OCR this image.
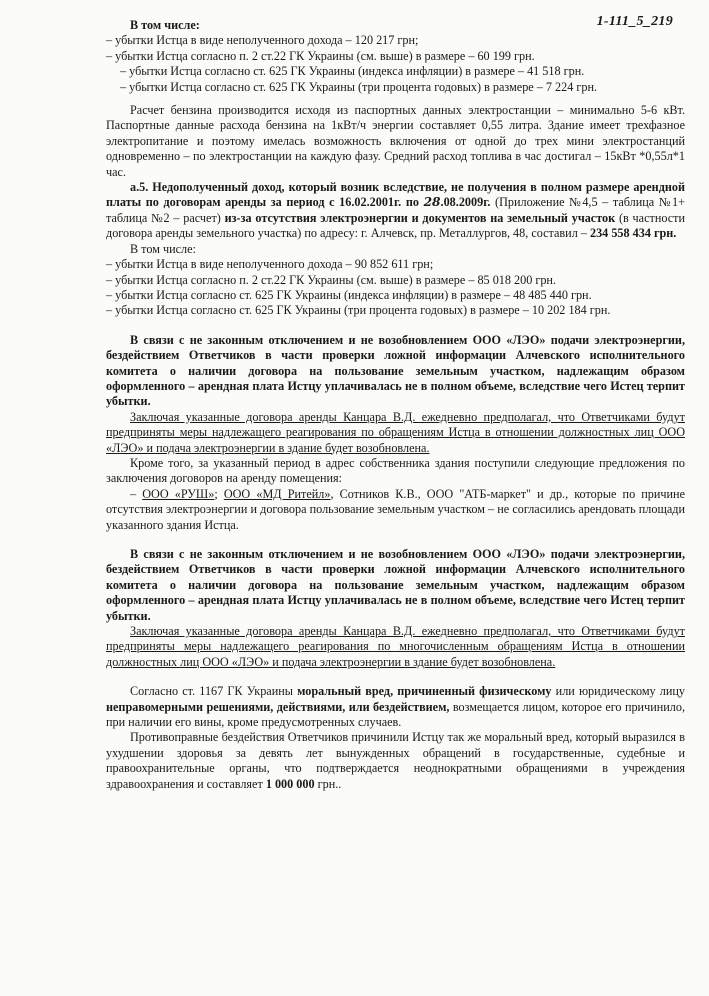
1-111_5_219

В том числе:

– убытки Истца в виде неполученного дохода – 120 217 грн;

– убытки Истца согласно п. 2 ст.22 ГК Украины (см. выше) в размере – 60 199 грн.

– убытки Истца согласно ст. 625 ГК Украины (индекса инфляции) в размере – 41 518 грн.

– убытки Истца согласно ст. 625 ГК Украины (три процента годовых) в размере – 7 224 грн.

Расчет бензина производится исходя из паспортных данных электростанции – минимально 5-6 кВт. Паспортные данные расхода бензина на 1кВт/ч энергии составляет 0,55 литра. Здание имеет трехфазное электропитание и поэтому имелась возможность включения от одной до трех мини электростанций одновременно – по электростанции на каждую фазу. Средний расход топлива в час достигал – 15кВт *0,55л*1 час.

а.5. Недополученный доход, который возник вследствие, не получения в полном размере арендной платы по договорам аренды за период с 16.02.2001г. по 28.08.2009г. (Приложение №4,5 – таблица №1+ таблица №2 – расчет) из-за отсутствия электроэнергии и документов на земельный участок (в частности договора аренды земельного участка) по адресу: г. Алчевск, пр. Металлургов, 48, составил – 234 558 434 грн.

В том числе:

– убытки Истца в виде неполученного дохода – 90 852 611 грн;

– убытки Истца согласно п. 2 ст.22 ГК Украины (см. выше) в размере – 85 018 200 грн.

– убытки Истца согласно ст. 625 ГК Украины (индекса инфляции) в размере – 48 485 440 грн.

– убытки Истца согласно ст. 625 ГК Украины (три процента годовых) в размере – 10 202 184 грн.

В связи с не законным отключением и не возобновлением ООО «ЛЭО» подачи электроэнергии, бездействием Ответчиков в части проверки ложной информации Алчевского исполнительного комитета о наличии договора на пользование земельным участком, надлежащим образом оформленного – арендная плата Истцу уплачивалась не в полном объеме, вследствие чего Истец терпит убытки.

Заключая указанные договора аренды Канцара В.Д. ежедневно предполагал, что Ответчиками будут предприняты меры надлежащего реагирования по обращениям Истца в отношении должностных лиц ООО «ЛЭО» и подача электроэнергии в здание будет возобновлена.

Кроме того, за указанный период в адрес собственника здания поступили следующие предложения по заключения договоров на аренду помещения:

– ООО «РУШ»; ООО «МД Ритейл», Сотников К.В., ООО "АТБ-маркет" и др., которые по причине отсутствия электроэнергии и договора пользование земельным участком – не согласились арендовать площади указанного здания Истца.

В связи с не законным отключением и не возобновлением ООО «ЛЭО» подачи электроэнергии, бездействием Ответчиков в части проверки ложной информации Алчевского исполнительного комитета о наличии договора на пользование земельным участком, надлежащим образом оформленного – арендная плата Истцу уплачивалась не в полном объеме, вследствие чего Истец терпит убытки.

Заключая указанные договора аренды Канцара В.Д. ежедневно предполагал, что Ответчиками будут предприняты меры надлежащего реагирования по многочисленным обращениям Истца в отношении должностных лиц ООО «ЛЭО» и подача электроэнергии в здание будет возобновлена.

Согласно ст. 1167 ГК Украины моральный вред, причиненный физическому или юридическому лицу неправомерными решениями, действиями, или бездействием, возмещается лицом, которое его причинило, при наличии его вины, кроме предусмотренных случаев.

Противоправные бездействия Ответчиков причинили Истцу так же моральный вред, который выразился в ухудшении здоровья за девять лет вынужденных обращений в государственные, судебные и правоохранительные органы, что подтверждается неоднократными обращениями в учреждения здравоохранения и составляет 1 000 000 грн..
